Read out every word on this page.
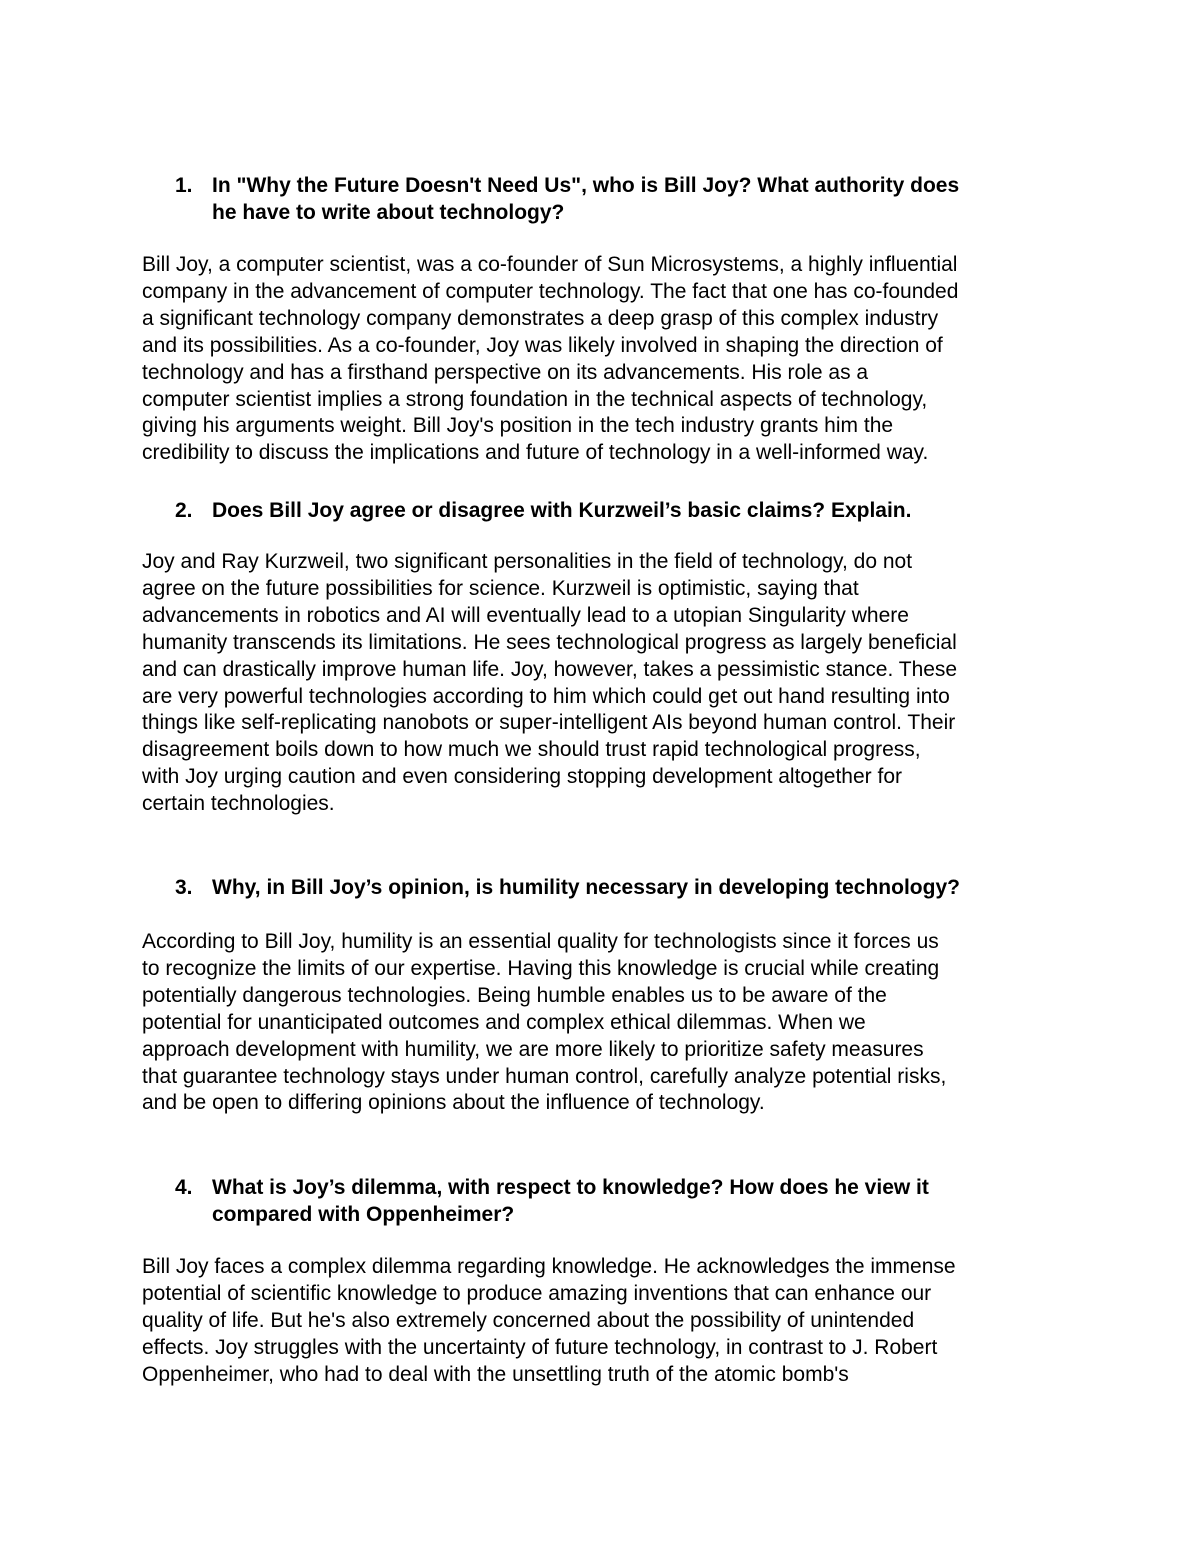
1. In "Why the Future Doesn't Need Us", who is Bill Joy? What authority does
he have to write about technology?
Bill Joy, a computer scientist, was a co-founder of Sun Microsystems, a highly influential
company in the advancement of computer technology. The fact that one has co-founded
a significant technology company demonstrates a deep grasp of this complex industry
and its possibilities. As a co-founder, Joy was likely involved in shaping the direction of
technology and has a firsthand perspective on its advancements. His role as a
computer scientist implies a strong foundation in the technical aspects of technology,
giving his arguments weight. Bill Joy's position in the tech industry grants him the
credibility to discuss the implications and future of technology in a well-informed way.
2. Does Bill Joy agree or disagree with Kurzweil’s basic claims? Explain.
Joy and Ray Kurzweil, two significant personalities in the field of technology, do not
agree on the future possibilities for science. Kurzweil is optimistic, saying that
advancements in robotics and AI will eventually lead to a utopian Singularity where
humanity transcends its limitations. He sees technological progress as largely beneficial
and can drastically improve human life. Joy, however, takes a pessimistic stance. These
are very powerful technologies according to him which could get out hand resulting into
things like self-replicating nanobots or super-intelligent AIs beyond human control. Their
disagreement boils down to how much we should trust rapid technological progress,
with Joy urging caution and even considering stopping development altogether for
certain technologies.
3. Why, in Bill Joy’s opinion, is humility necessary in developing technology?
According to Bill Joy, humility is an essential quality for technologists since it forces us
to recognize the limits of our expertise. Having this knowledge is crucial while creating
potentially dangerous technologies. Being humble enables us to be aware of the
potential for unanticipated outcomes and complex ethical dilemmas. When we
approach development with humility, we are more likely to prioritize safety measures
that guarantee technology stays under human control, carefully analyze potential risks,
and be open to differing opinions about the influence of technology.
4. What is Joy’s dilemma, with respect to knowledge? How does he view it
compared with Oppenheimer?
Bill Joy faces a complex dilemma regarding knowledge. He acknowledges the immense
potential of scientific knowledge to produce amazing inventions that can enhance our
quality of life. But he's also extremely concerned about the possibility of unintended
effects. Joy struggles with the uncertainty of future technology, in contrast to J. Robert
Oppenheimer, who had to deal with the unsettling truth of the atomic bomb's
